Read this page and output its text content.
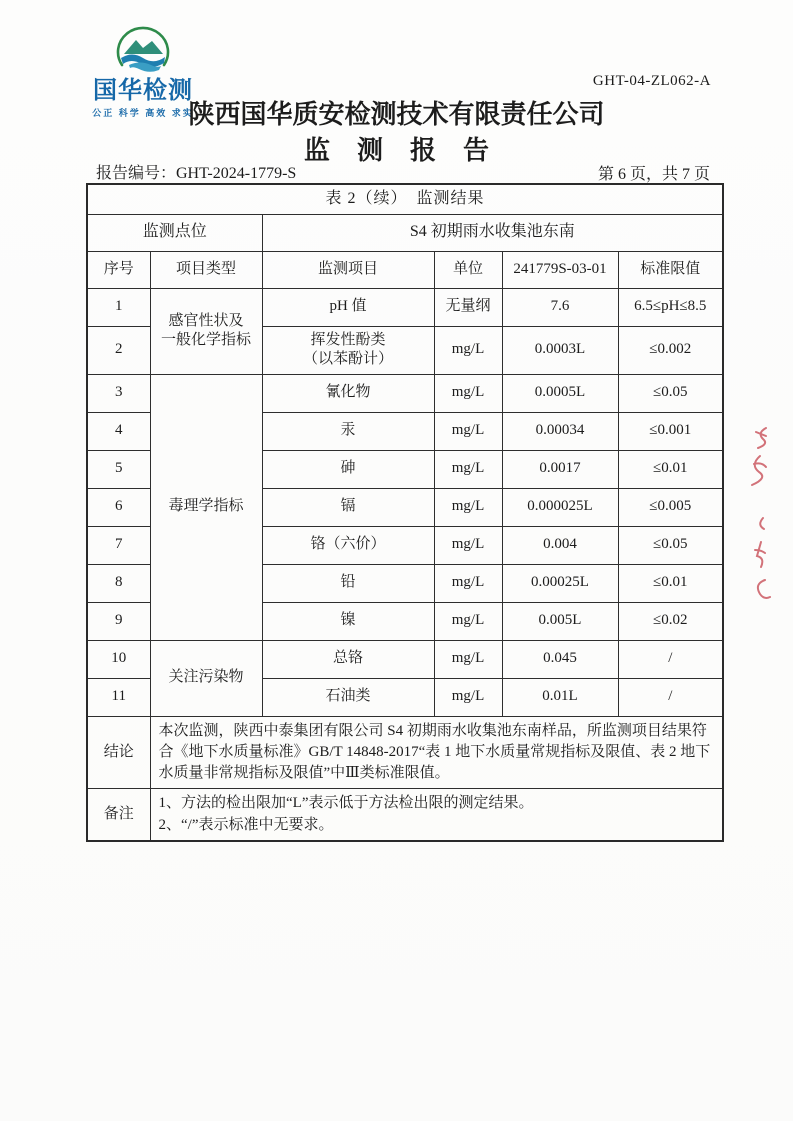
国华检测
公正 科学 高效 求实
GHT-04-ZL062-A
陕西国华质安检测技术有限责任公司
监测报告
报告编号：GHT-2024-1779-S	第 6 页，共 7 页
表 2（续）　监测结果					
监测点位		S4 初期雨水收集池东南			
序号	项目类型	监测项目	单位	241779S-03-01	标准限值
1	感官性状及
一般化学指标	pH 值	无量纲	7.6	6.5≤pH≤8.5
2		挥发性酚类
（以苯酚计）	mg/L	0.0003L	≤0.002
3	毒理学指标	氰化物	mg/L	0.0005L	≤0.05
4		汞	mg/L	0.00034	≤0.001
5		砷	mg/L	0.0017	≤0.01
6		镉	mg/L	0.000025L	≤0.005
7		铬（六价）	mg/L	0.004	≤0.05
8		铅	mg/L	0.00025L	≤0.01
9		镍	mg/L	0.005L	≤0.02
10	关注污染物	总铬	mg/L	0.045	/
11		石油类	mg/L	0.01L	/
结论	本次监测，陕西中泰集团有限公司 S4 初期雨水收集池东南样品，所监测项目结果符合《地下水质量标准》GB/T 14848-2017“表 1 地下水质量常规指标及限值、表 2 地下水质量非常规指标及限值”中Ⅲ类标准限值。				
备注	1、方法的检出限加“L”表示低于方法检出限的测定结果。
2、“/”表示标准中无要求。				
